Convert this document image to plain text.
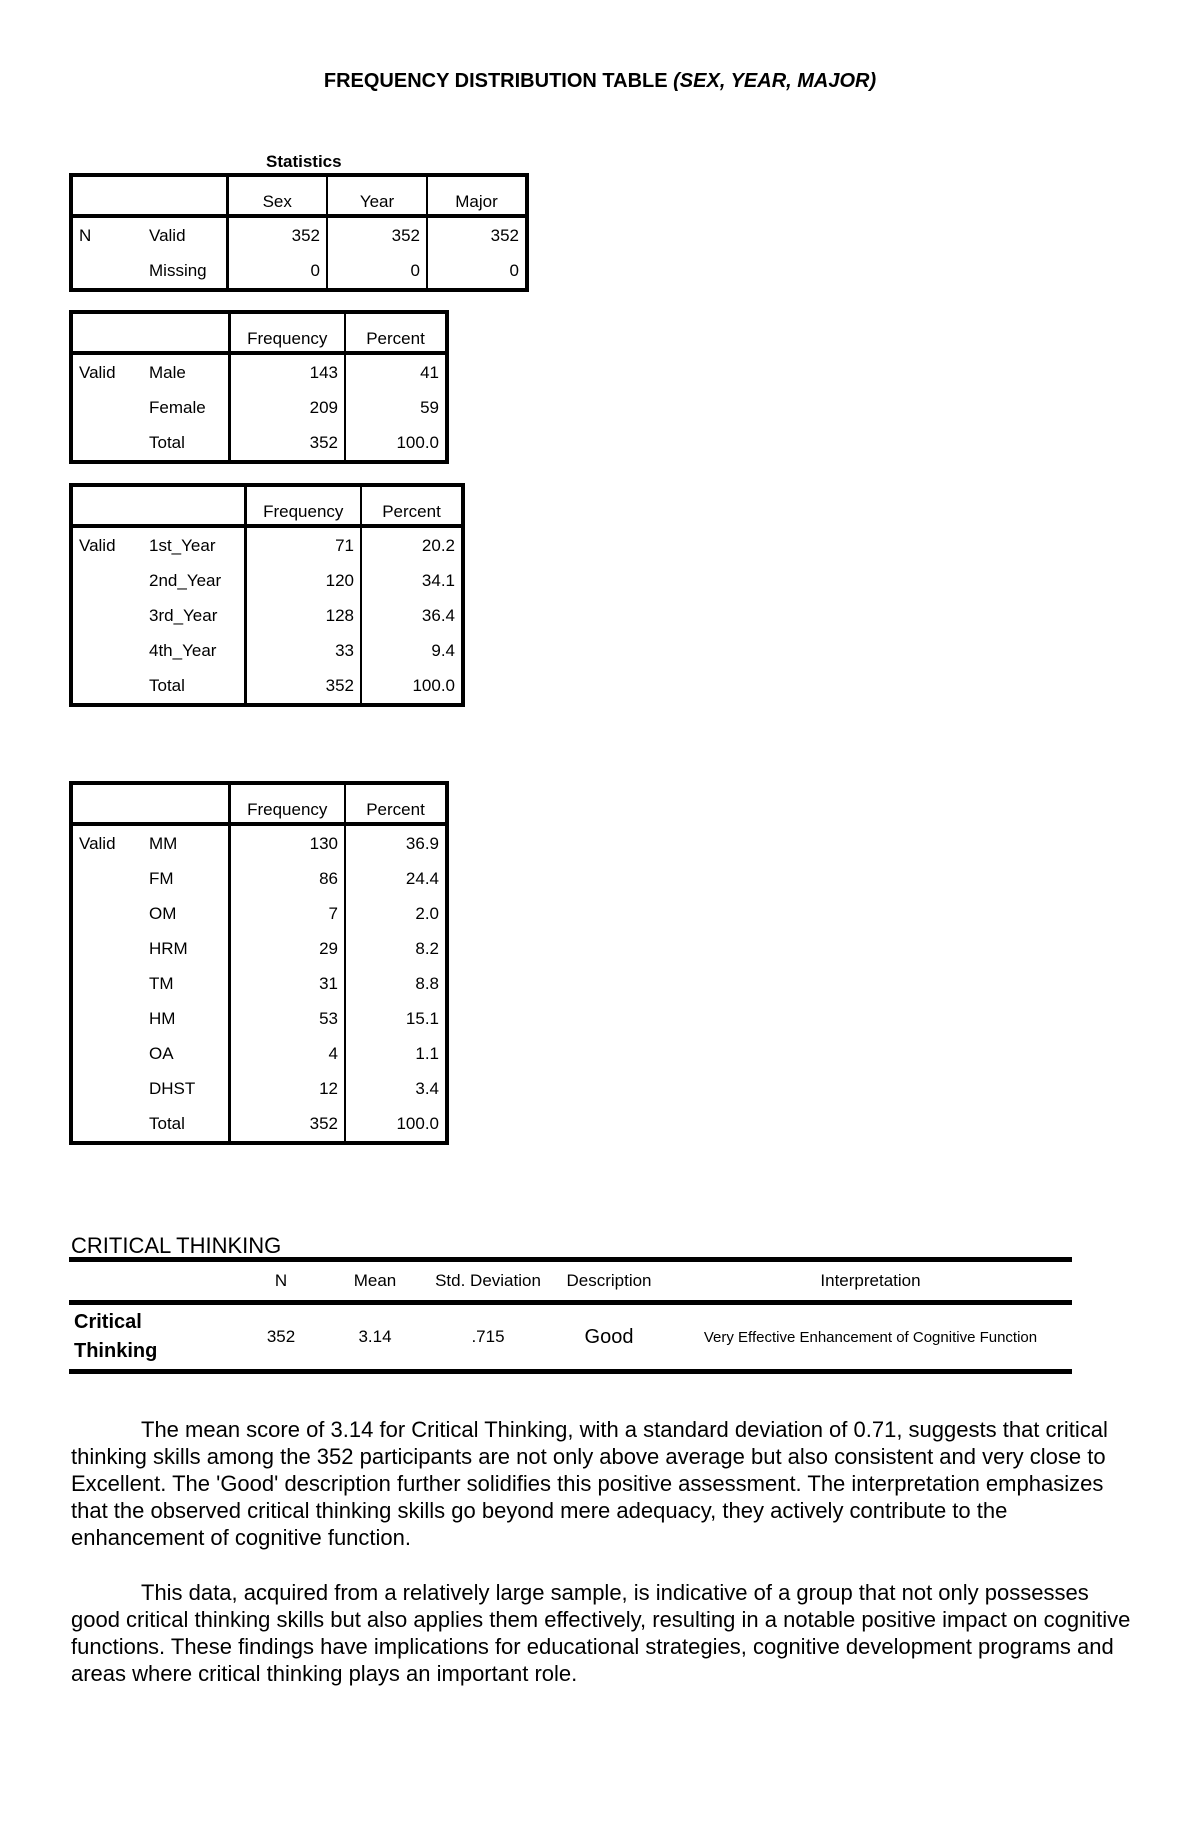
FREQUENCY DISTRIBUTION TABLE (SEX, YEAR, MAJOR)
Statistics
		Sex	Year	Major
N	Valid	352	352	352
	Missing	0	0	0
		Frequency	Percent
Valid	Male	143	41
	Female	209	59
	Total	352	100.0
		Frequency	Percent
Valid	1st_Year	71	20.2
	2nd_Year	120	34.1
	3rd_Year	128	36.4
	4th_Year	33	9.4
	Total	352	100.0
		Frequency	Percent
Valid	MM	130	36.9
	FM	86	24.4
	OM	7	2.0
	HRM	29	8.2
	TM	31	8.8
	HM	53	15.1
	OA	4	1.1
	DHST	12	3.4
	Total	352	100.0
CRITICAL THINKING
	N	Mean	Std. Deviation	Description	Interpretation
Critical
Thinking	352	3.14	.715	Good	Very Effective Enhancement of Cognitive Function

The mean score of 3.14 for Critical Thinking, with a standard deviation of 0.71, suggests that critical thinking skills among the 352 participants are not only above average but also consistent and very close to Excellent. The 'Good' description further solidifies this positive assessment. The interpretation emphasizes that the observed critical thinking skills go beyond mere adequacy, they actively contribute to the enhancement of cognitive function.

This data, acquired from a relatively large sample, is indicative of a group that not only possesses good critical thinking skills but also applies them effectively, resulting in a notable positive impact on cognitive functions. These findings have implications for educational strategies, cognitive development programs and areas where critical thinking plays an important role.
